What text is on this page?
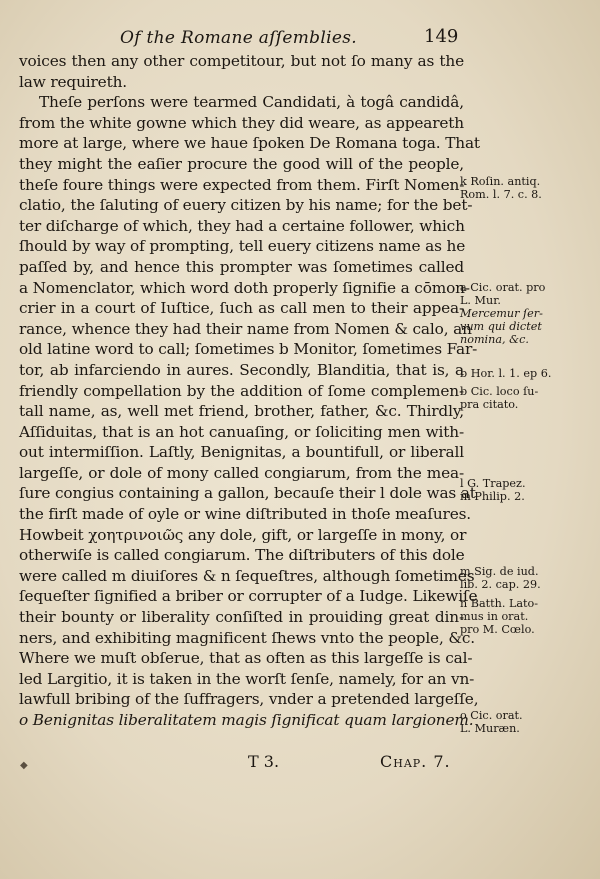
Of the Romane aſſemblies.	149
voices then any other competitour, but not ſo many as the
law requireth.
Theſe perſons were tearmed Candidati, à togâ candidâ,
from the white gowne which they did weare, as appeareth
more at large, where we haue ſpoken De Romana toga. That
they might the eaſier procure the good will of the people,
theſe foure things were expected from them. Firſt Nomen-
clatio, the ſaluting of euery citizen by his name; for the bet-
ter diſcharge of which, they had a certaine follower, which
ſhould by way of prompting, tell euery citizens name as he
paſſed by, and hence this prompter was ſometimes called
a Nomenclator, which word doth properly ſignifie a cōmon-
crier in a court of Iuſtice, ſuch as call men to their appea-
rance, whence they had their name from Nomen & calo, an
old latine word to call; ſometimes b Monitor, ſometimes Far-
tor, ab infarciendo in aures. Secondly, Blanditia, that is, a
friendly compellation by the addition of ſome complemen-
tall name, as, well met friend, brother, father, &c. Thirdly,
Aſſiduitas, that is an hot canuaſing, or ſoliciting men with-
out intermiſſion. Laſtly, Benignitas, a bountifull, or liberall
largeſſe, or dole of mony called congiarum, from the mea-
ſure congius containing a gallon, becauſe their l dole was at
the firſt made of oyle or wine diſtributed in thoſe meaſures.
Howbeit χοητρινοιῶς any dole, gift, or largeſſe in mony, or
otherwiſe is called congiarum. The diſtributers of this dole
were called m diuiſores & n ſequeſtres, although ſometimes
ſequeſter ſignified a briber or corrupter of a Iudge. Likewiſe
their bounty or liberality conſiſted in prouiding great din-
ners, and exhibiting magnificent ſhews vnto the people, &c.
Where we muſt obſerue, that as often as this largeſſe is cal-
led Largitio, it is taken in the worſt ſenſe, namely, for an vn-
lawfull bribing of the ſuffragers, vnder a pretended largeſſe,
o Benignitas liberalitatem magis ſignificat quam largionem.
k Roſin. antiq.
Rom. l. 7. c. 8.
a Cic. orat. pro
L. Mur.
Mercemur ſer-
vum qui dictet
nomina, &c.
b Hor. l. 1. ep 6.
b Cic. loco ſu-
pra citato.
l G. Trapez.
in Philip. 2.
m Sig. de iud.
lib. 2. cap. 29.
n Batth. Lato-
mus in orat.
pro M. Cœlo.
o Cic. orat.
L. Muræn.
◆	T 3.	Chap. 7.
